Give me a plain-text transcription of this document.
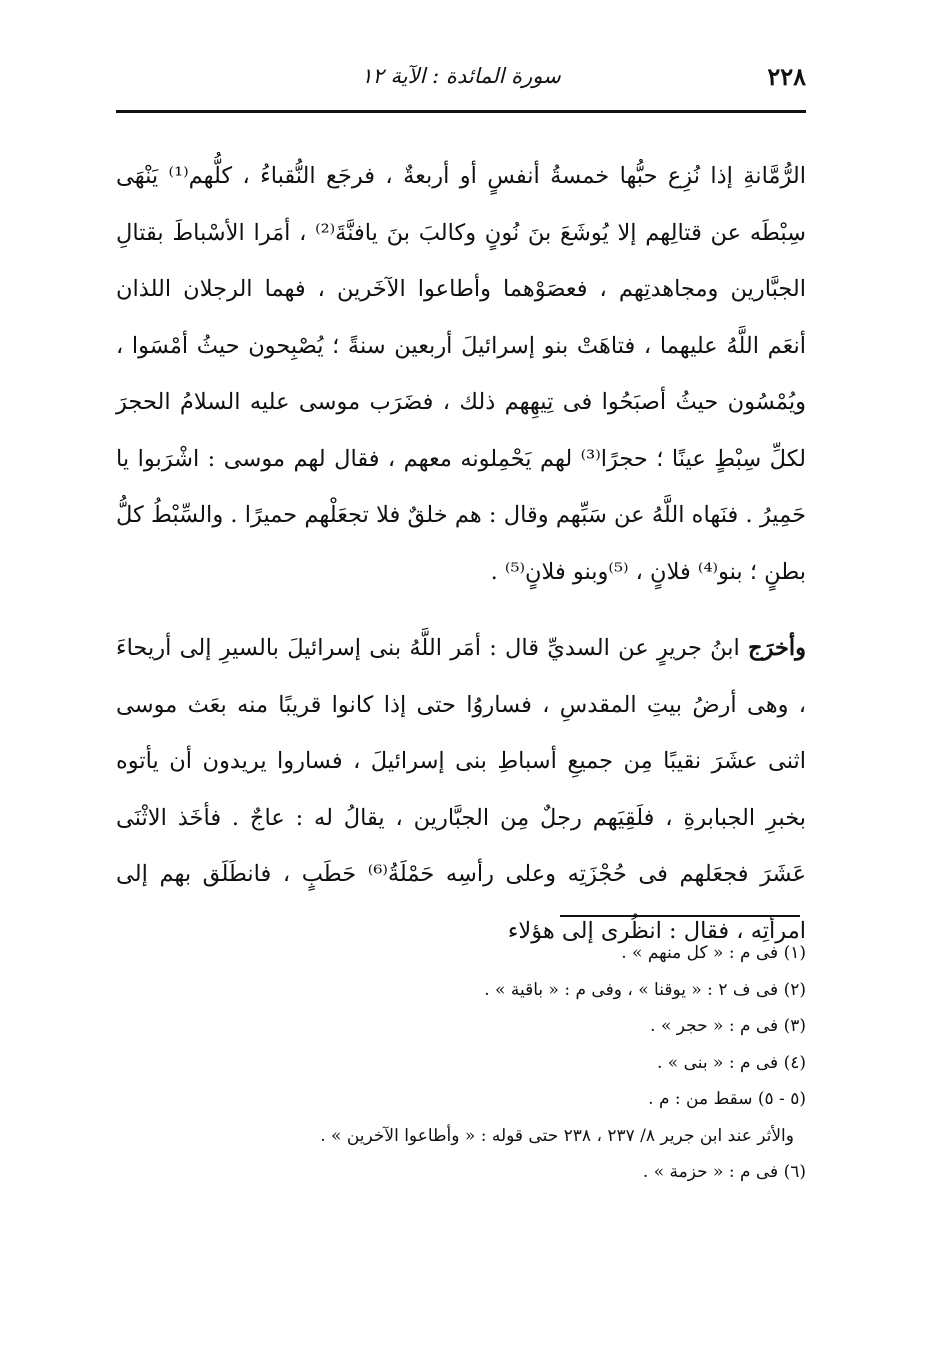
٢٢٨
سورة المائدة : الآية ١٢

الرُّمَّانةِ إذا نُزِع حبُّها خمسةُ أنفسٍ أو أربعةٌ ، فرجَع النُّقباءُ ، كلُّهم⁽¹⁾ يَنْهَى سِبْطَه عن قتالِهم إلا يُوشَعَ بنَ نُونٍ وكالبَ بنَ يافنَّةَ⁽²⁾ ، أمَرا الأسْباطَ بقتالِ الجبَّارين ومجاهدتِهم ، فعصَوْهما وأطاعوا الآخَرين ، فهما الرجلان اللذان أنعَم اللَّهُ عليهما ، فتاهَتْ بنو إسرائيلَ أربعين سنةً ؛ يُصْبِحون حيثُ أمْسَوا ، ويُمْسُون حيثُ أصبَحُوا فى تِيهِهم ذلك ، فضَرَب موسى عليه السلامُ الحجرَ لكلِّ سِبْطٍ عينًا ؛ حجرًا⁽³⁾ لهم يَحْمِلونه معهم ، فقال لهم موسى : اشْرَبوا يا حَمِيرُ . فنَهاه اللَّهُ عن سَبِّهم وقال : هم خلقٌ فلا تجعَلْهم حميرًا . والسِّبْطُ كلُّ بطنٍ ؛ بنو⁽⁴⁾ فلانٍ ، ⁽⁵⁾وبنو فلانٍ⁽⁵⁾ .

وأخرَج ابنُ جريرٍ عن السديِّ قال : أمَر اللَّهُ بنى إسرائيلَ بالسيرِ إلى أريحاءَ ، وهى أرضُ بيتِ المقدسِ ، فساروُا حتى إذا كانوا قريبًا منه بعَث موسى اثنى عشَرَ نقيبًا مِن جميعِ أسباطِ بنى إسرائيلَ ، فساروا يريدون أن يأتوه بخبرِ الجبابرةِ ، فلَقِيَهم رجلٌ مِن الجبَّارين ، يقالُ له : عاجٌ . فأخَذ الاثْنَى عَشَرَ فجعَلهم فى حُجْزَتِه وعلى رأسِه حَمْلَةُ⁽⁶⁾ حَطَبٍ ، فانطَلَق بهم إلى امرأتِه ، فقال : انظُرى إلى هؤلاء

(١) فى م : « كل منهم » .

(٢) فى ف ٢ : « يوقنا » ، وفى م : « باقية » .

(٣) فى م : « حجر » .

(٤) فى م : « بنى » .

(٥ - ٥) سقط من : م .

والأثر عند ابن جرير ٨/ ٢٣٧ ، ٢٣٨ حتى قوله : « وأطاعوا الآخرين » .

(٦) فى م : « حزمة » .
